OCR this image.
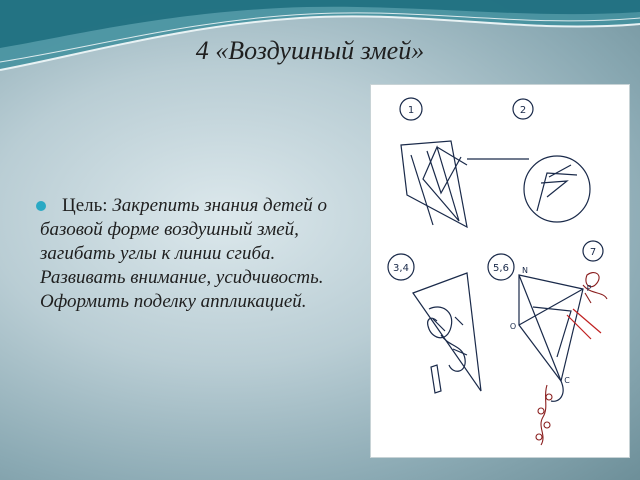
4 «Воздушный змей»
Цель: Закрепить знания детей о базовой форме воздушный змей, загибать углы к линии сгиба. Развивать внимание, усидчивость. Оформить поделку аппликацией.
1	2
3,4	5,6
7
N
O
P
C
